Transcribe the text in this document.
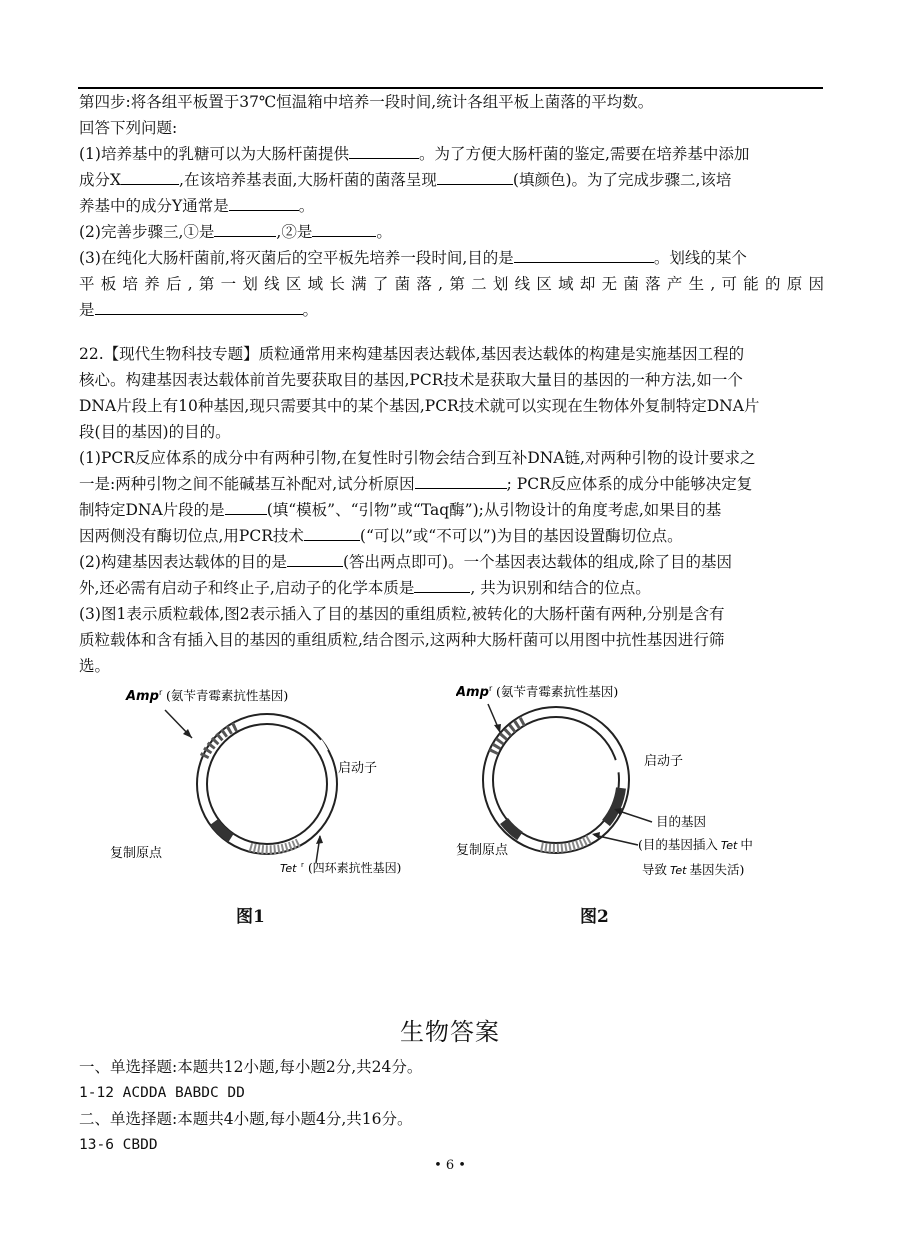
第四步:将各组平板置于37℃恒温箱中培养一段时间,统计各组平板上菌落的平均数。

回答下列问题:

(1)培养基中的乳糖可以为大肠杆菌提供	。为了方便大肠杆菌的鉴定,需要在培养基中添加

成分X	,在该培养基表面,大肠杆菌的菌落呈现	(填颜色)。为了完成步骤二,该培

养基中的成分Y通常是	。

(2)完善步骤三,①是	,②是	。

(3)在纯化大肠杆菌前,将灭菌后的空平板先培养一段时间,目的是	。划线的某个

平板培养后,第一划线区域长满了菌落,第二划线区域却无菌落产生,可能的原因

是	。

22.【现代生物科技专题】质粒通常用来构建基因表达载体,基因表达载体的构建是实施基因工程的

核心。构建基因表达载体前首先要获取目的基因,PCR技术是获取大量目的基因的一种方法,如一个

DNA片段上有10种基因,现只需要其中的某个基因,PCR技术就可以实现在生物体外复制特定DNA片

段(目的基因)的目的。

(1)PCR反应体系的成分中有两种引物,在复性时引物会结合到互补DNA链,对两种引物的设计要求之

一是:两种引物之间不能碱基互补配对,试分析原因	; PCR反应体系的成分中能够决定复

制特定DNA片段的是	(填“模板”、“引物”或“Taq酶”);从引物设计的角度考虑,如果目的基

因两侧没有酶切位点,用PCR技术	(“可以”或“不可以”)为目的基因设置酶切位点。

(2)构建基因表达载体的目的是	(答出两点即可)。一个基因表达载体的组成,除了目的基因

外,还必需有启动子和终止子,启动子的化学本质是	, 共为识别和结合的位点。

(3)图1表示质粒载体,图2表示插入了目的基因的重组质粒,被转化的大肠杆菌有两种,分别是含有

质粒载体和含有插入目的基因的重组质粒,结合图示,这两种大肠杆菌可以用图中抗性基因进行筛

选。

Amp r (氨苄青霉素抗性基因)
启动子
复制原点
Tet r (四环素抗性基因)
图1
Amp r (氨苄青霉素抗性基因)
启动子
目的基因
(目的基因插入 Tet 中
导致 Tet 基因失活)
复制原点
图2
生物答案

一、单选择题:本题共12小题,每小题2分,共24分。

1-12 ACDDA BABDC DD

二、单选择题:本题共4小题,每小题4分,共16分。

13-6 CBDD

• 6 •
